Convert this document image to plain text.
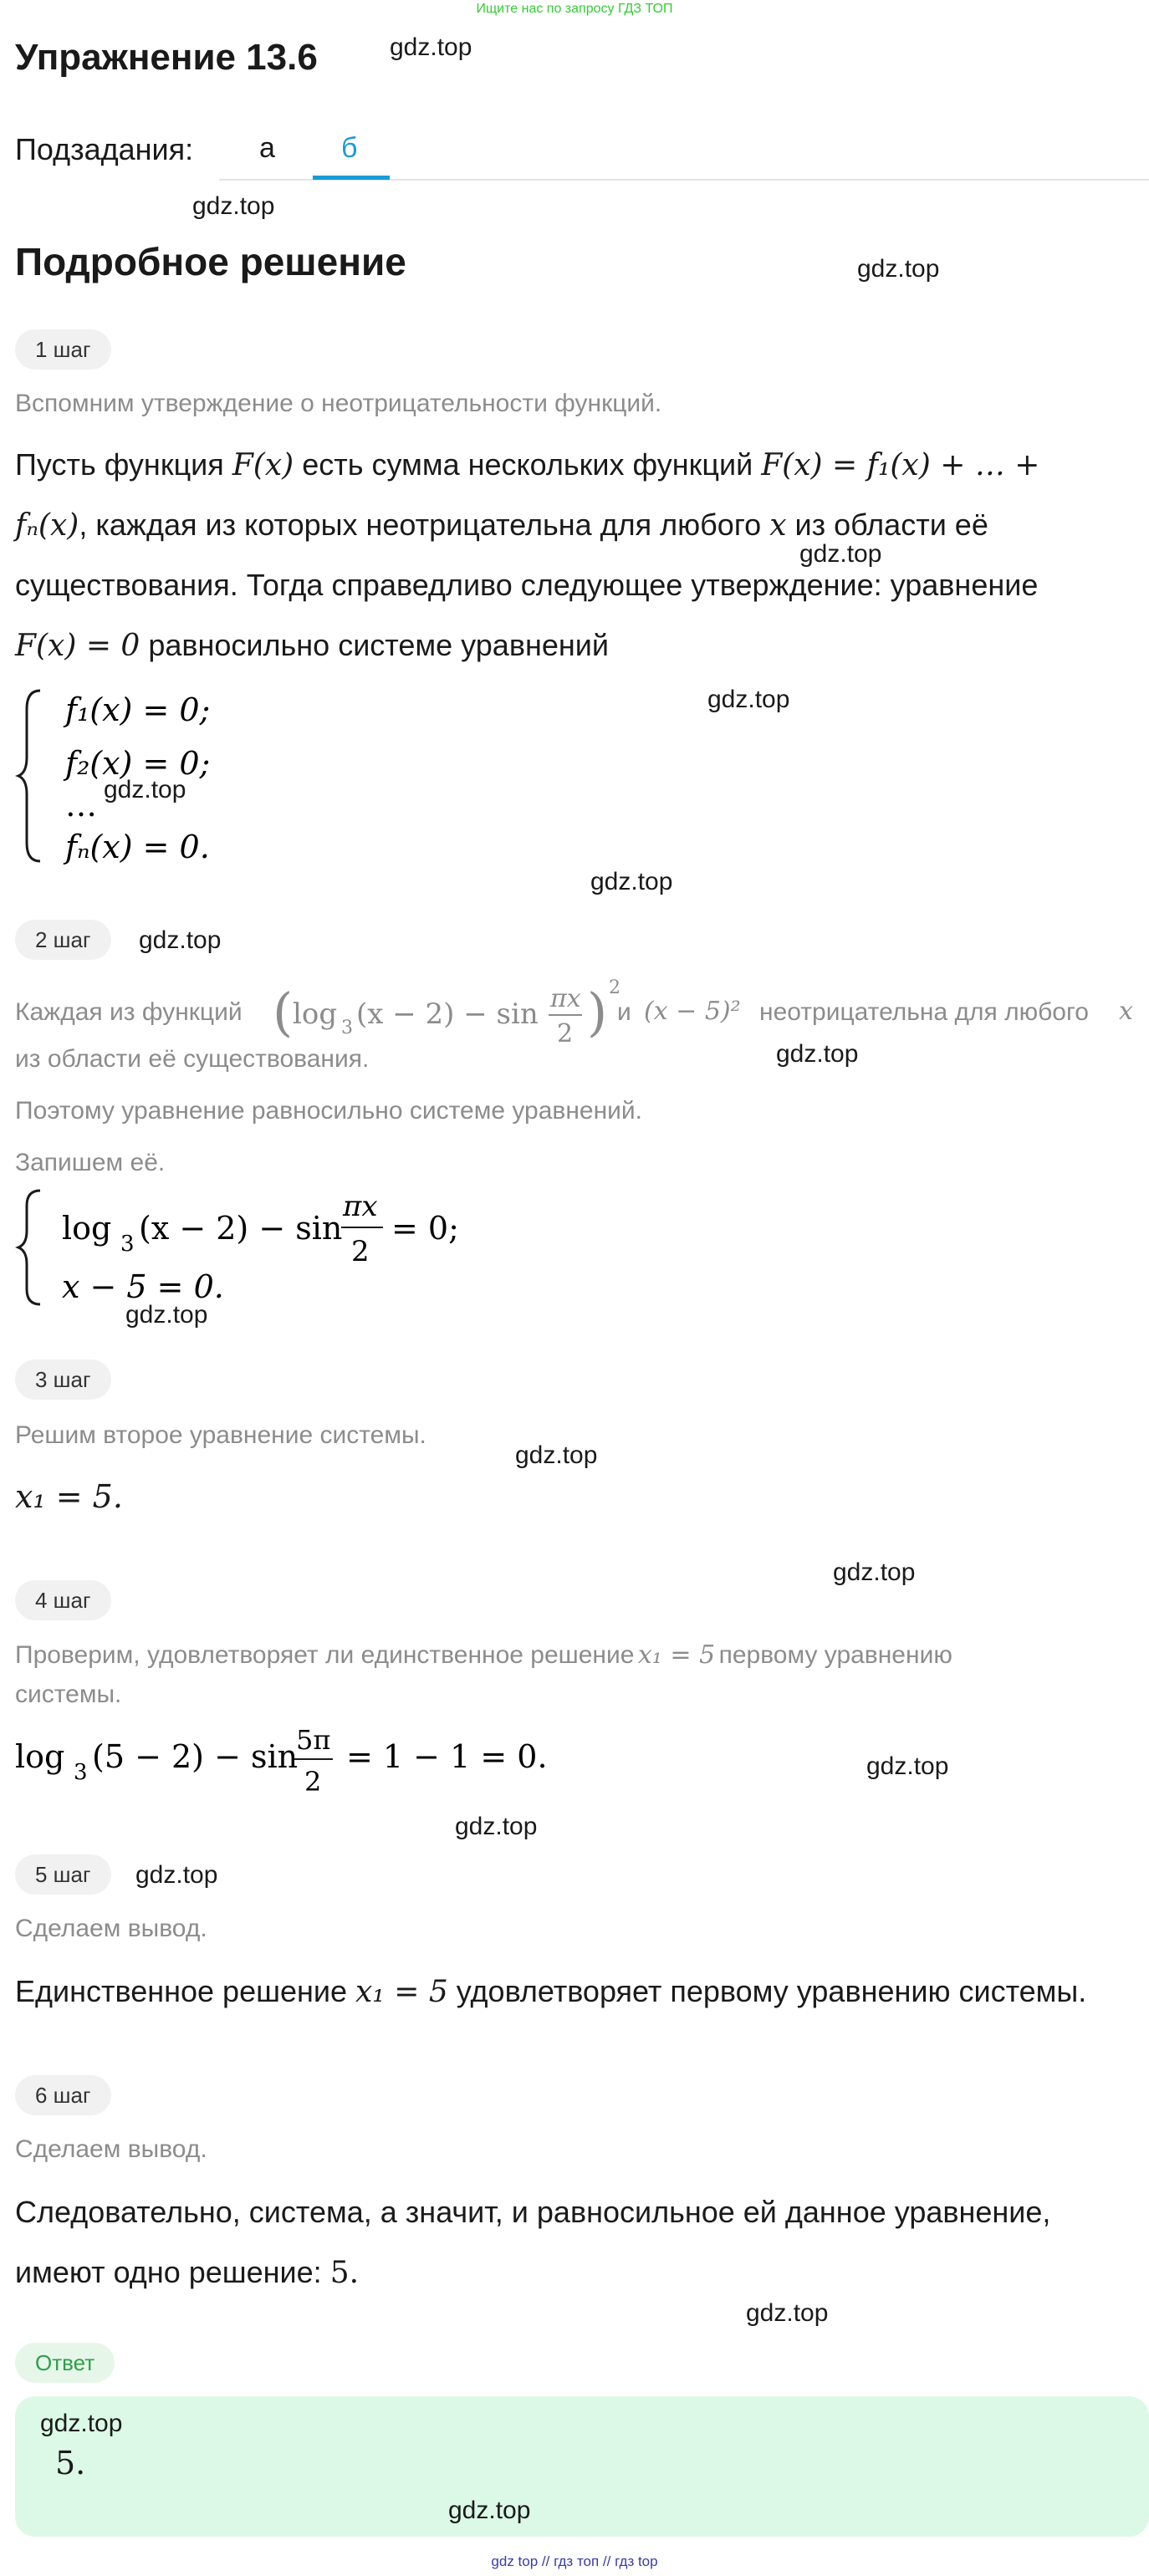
Ищите нас по запросу ГДЗ ТОП
Упражнение 13.6	gdz.top
Подзадания: а б
gdz.top
Подробное решение	gdz.top
1 шаг
Вспомним утверждение о неотрицательности функций.
Пусть функция F(x) есть сумма нескольких функций F(x) = f₁(x) + … +
fₙ(x), каждая из которых неотрицательна для любого x из области её
gdz.top
существования. Тогда справедливо следующее утверждение: уравнение
F(x) = 0 равносильно системе уравнений
f₁(x) = 0;
f₂(x) = 0;
…
fₙ(x) = 0.
gdz.top
gdz.top
gdz.top
2 шаг	gdz.top
Каждая из функций ( log 3 (x − 2) − sin πx
2 ) 2
и (x − 5)² неотрицательна для любого x
из области её существования.	gdz.top
Поэтому уравнение равносильно системе уравнений.
Запишем её.
log 3 (x − 2) − sin
πx
2
= 0;
x − 5 = 0.
gdz.top
3 шаг
Решим второе уравнение системы.
gdz.top
x₁ = 5.
gdz.top
4 шаг
Проверим, удовлетворяет ли единственное решение x₁ = 5 первому уравнению
системы.
log 3 (5 − 2) − sin
5π
2
= 1 − 1 = 0.	gdz.top
gdz.top
5 шаг	gdz.top
Сделаем вывод.
Единственное решение x₁ = 5 удовлетворяет первому уравнению системы.
6 шаг
Сделаем вывод.
Следовательно, система, а значит, и равносильное ей данное уравнение,
имеют одно решение: 5.
gdz.top
Ответ
gdz.top
5.
gdz.top
gdz top // гдз топ // гдз top
